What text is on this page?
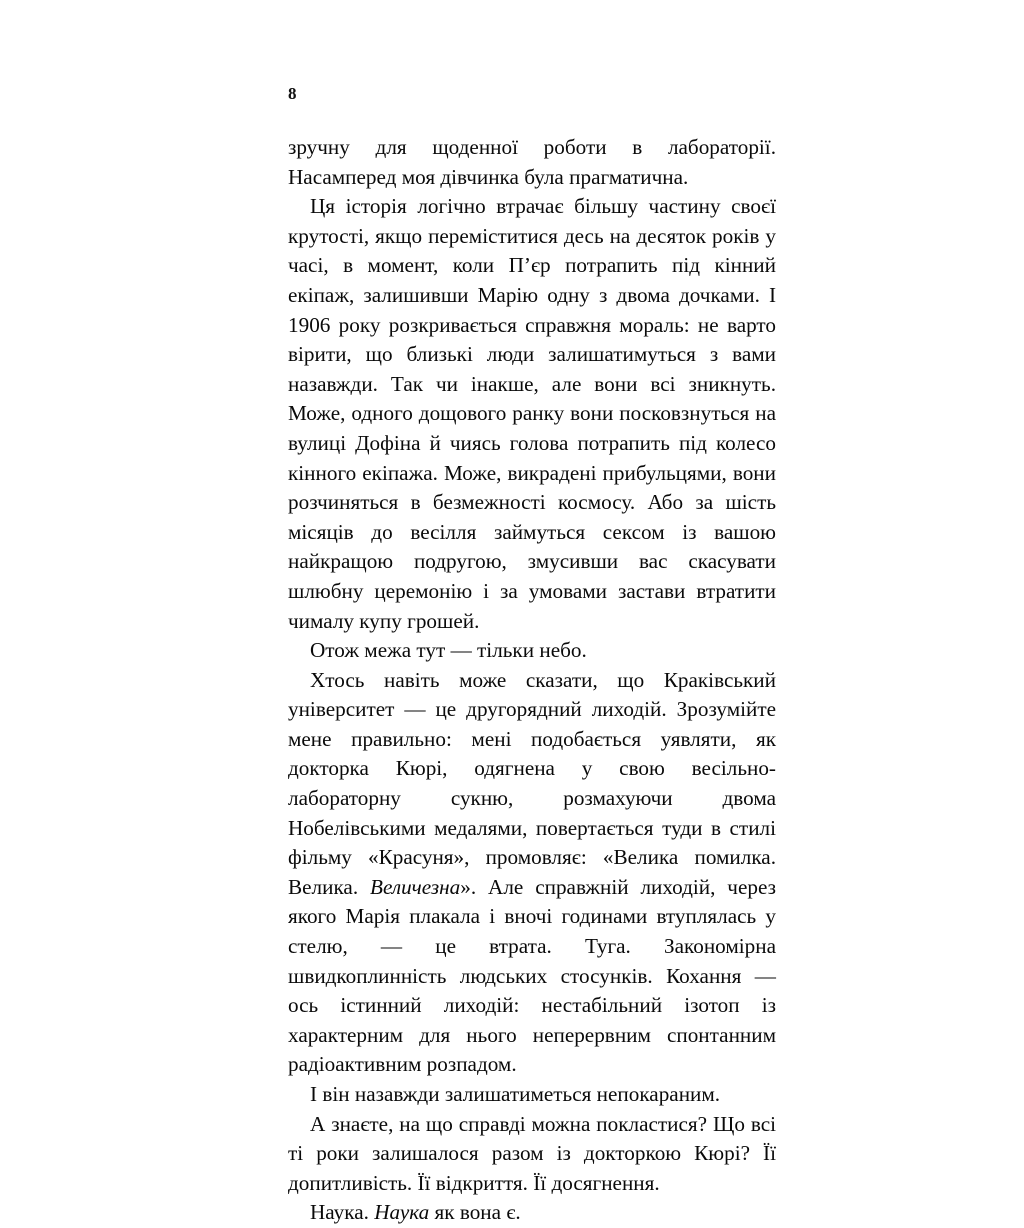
8

зручну для щоденної роботи в лабораторії. Насамперед моя дівчинка була прагматична.

Ця історія логічно втрачає більшу частину своєї крутості, якщо переміститися десь на десяток років у часі, в момент, коли П’єр потрапить під кінний екіпаж, залишивши Марію одну з двома дочками. І 1906 року розкривається справжня мораль: не варто вірити, що близькі люди залишатимуться з вами назавжди. Так чи інакше, але вони всі зникнуть. Може, одного дощового ранку вони посковзнуться на вулиці Дофіна й чиясь голова потрапить під колесо кінного екіпажа. Може, викрадені прибульцями, вони розчиняться в безмежності космосу. Або за шість місяців до весілля займуться сексом із вашою найкращою подругою, змусивши вас скасувати шлюбну церемонію і за умовами застави втратити чималу купу грошей.

Отож межа тут — тільки небо.

Хтось навіть може сказати, що Краківський університет — це другорядний лиходій. Зрозумійте мене правильно: мені подобається уявляти, як докторка Кюрі, одягнена у свою весільно-лабораторну сукню, розмахуючи двома Нобелівськими медалями, повертається туди в стилі фільму «Красуня», промовляє: «Велика помилка. Велика. Величезна». Але справжній лиходій, через якого Марія плакала і вночі годинами втуплялась у стелю, — це втрата. Туга. Закономірна швидкоплинність людських стосунків. Кохання — ось істинний лиходій: нестабільний ізотоп із характерним для нього неперервним спонтанним радіоактивним розпадом.

І він назавжди залишатиметься непокараним.

А знаєте, на що справді можна покластися? Що всі ті роки залишалося разом із докторкою Кюрі? Її допитливість. Її відкриття. Її досягнення.

Наука. Наука як вона є.
